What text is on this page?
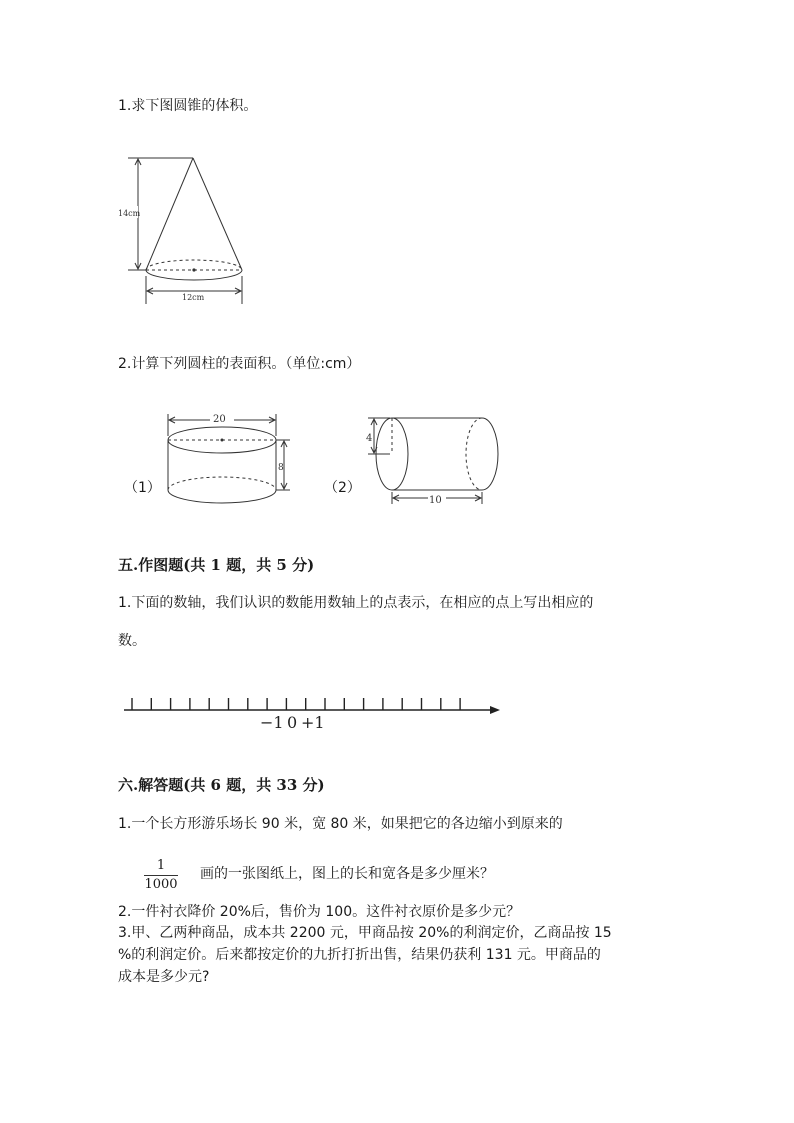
1.求下图圆锥的体积。
14cm
12cm
2.计算下列圆柱的表面积。（单位:cm）
（1）
20
8
（2）
4
10
五.作图题(共 1 题，共 5 分)
1.下面的数轴，我们认识的数能用数轴上的点表示，在相应的点上写出相应的
数。
−1 0 +1
六.解答题(共 6 题，共 33 分)
1.一个长方形游乐场长 90 米，宽 80 米，如果把它的各边缩小到原来的
1
1000
画的一张图纸上，图上的长和宽各是多少厘米？
2.一件衬衣降价 20%后，售价为 100。这件衬衣原价是多少元？
3.甲、乙两种商品，成本共 2200 元，甲商品按 20%的利润定价，乙商品按 15
%的利润定价。后来都按定价的九折打折出售，结果仍获利 131 元。甲商品的
成本是多少元?
